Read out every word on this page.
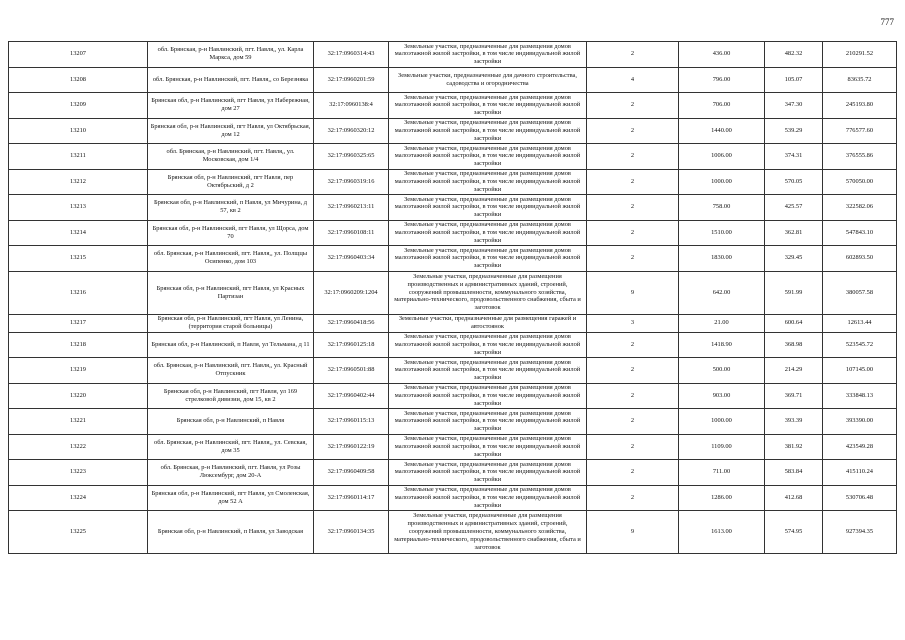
777
13207	обл. Брянская, р-н Навлинский, пгт. Навля,, ул. Карла Маркса, дом 59	32:17:0960314:43	Земельные участки, предназначенные для размещения домов малоэтажной жилой застройки, в том числе индивидуальной жилой застройки	2	436.00	482.32	210291.52
13208	обл. Брянская, р-н Навлинский, пгт. Навля,, со Березняка	32:17:0960201:59	Земельные участки, предназначенные для дачного строительства, садоводства и огородничества	4	796.00	105.07	83635.72
13209	Брянская обл, р-н Навлинский, пгт Навля, ул Набережная, дом 27	32:17:0960138:4	Земельные участки, предназначенные для размещения домов малоэтажной жилой застройки, в том числе индивидуальной жилой застройки	2	706.00	347.30	245193.80
13210	Брянская обл, р-н Навлинский, пгт Навля, ул Октябрьская, дом 12	32:17:0960320:12	Земельные участки, предназначенные для размещения домов малоэтажной жилой застройки, в том числе индивидуальной жилой застройки	2	1440.00	539.29	776577.60
13211	обл. Брянская, р-н Навлинский, пгт. Навля,, ул. Московская, дом 1/4	32:17:0960325:65	Земельные участки, предназначенные для размещения домов малоэтажной жилой застройки, в том числе индивидуальной жилой застройки	2	1006.00	374.31	376555.86
13212	Брянская обл, р-н Навлинский, пгт Навля, пер Октябрьский, д 2	32:17:0960319:16	Земельные участки, предназначенные для размещения домов малоэтажной жилой застройки, в том числе индивидуальной жилой застройки	2	1000.00	570.05	570050.00
13213	Брянская обл, р-н Навлинский, п Навля, ул Мичурина, д 57, кв 2	32:17:0960213:11	Земельные участки, предназначенные для размещения домов малоэтажной жилой застройки, в том числе индивидуальной жилой застройки	2	758.00	425.57	322582.06
13214	Брянская обл, р-н Навлинский, пгт Навля, ул Щорса, дом 70	32:17:0960108:11	Земельные участки, предназначенные для размещения домов малоэтажной жилой застройки, в том числе индивидуальной жилой застройки	2	1510.00	362.81	547843.10
13215	обл. Брянская, р-н Навлинский, пгт. Навля,, ул. Полщцы Осипенко, дом 103	32:17:0960403:34	Земельные участки, предназначенные для размещения домов малоэтажной жилой застройки, в том числе индивидуальной жилой застройки	2	1830.00	329.45	602893.50
13216	Брянская обл, р-н Навлинский, пгт Навля, ул Красных Партизан	32:17:0960209:1204	Земельные участки, предназначенные для размещения производственных и административных зданий, строений, сооружений промышленности, коммунального хозяйства, материально-технического, продовольственного снабжения, сбыта и заготовок	9	642.00	591.99	380057.58
13217	Брянская обл, р-н Навлинский, пгт Навля, ул Ленина, (территория старой больницы)	32:17:0960418:56	Земельные участки, предназначенные для размещения гаражей и автостоянок	3	21.00	600.64	12613.44
13218	Брянская обл, р-н Навлинский, п Навля, ул Тельмана, д 11	32:17:0960125:18	Земельные участки, предназначенные для размещения домов малоэтажной жилой застройки, в том числе индивидуальной жилой застройки	2	1418.90	368.98	523545.72
13219	обл. Брянская, р-н Навлинский, пгт. Навля,, ул. Красный Отпускник	32:17:0960501:88	Земельные участки, предназначенные для размещения домов малоэтажной жилой застройки, в том числе индивидуальной жилой застройки	2	500.00	214.29	107145.00
13220	Брянская обл, р-н Навлинский, пгт Навля, ул 169 стрелковой дивизии, дом 15, кв 2	32:17:0960402:44	Земельные участки, предназначенные для размещения домов малоэтажной жилой застройки, в том числе индивидуальной жилой застройки	2	903.00	369.71	333848.13
13221	Брянская обл, р-н Навлинский, п Навля	32:17:0960115:13	Земельные участки, предназначенные для размещения домов малоэтажной жилой застройки, в том числе индивидуальной жилой застройки	2	1000.00	393.39	393390.00
13222	обл. Брянская, р-н Навлинский, пгт. Навля,, ул. Севская, дом 35	32:17:0960122:19	Земельные участки, предназначенные для размещения домов малоэтажной жилой застройки, в том числе индивидуальной жилой застройки	2	1109.00	381.92	423549.28
13223	обл. Брянская, р-н Навлинский, пгт. Навля, ул Розы Люксембург, дом 20-А	32:17:0960409:58	Земельные участки, предназначенные для размещения домов малоэтажной жилой застройки, в том числе индивидуальной жилой застройки	2	711.00	583.84	415110.24
13224	Брянская обл, р-н Навлинский, пгт Навля, ул Смоленская, дом 52 А	32:17:0960114:17	Земельные участки, предназначенные для размещения домов малоэтажной жилой застройки, в том числе индивидуальной жилой застройки	2	1286.00	412.68	530706.48
13225	Брянская обл, р-н Навлинский, п Навля, ул Заводская	32:17:0960134:35	Земельные участки, предназначенные для размещения производственных и административных зданий, строений, сооружений промышленности, коммунального хозяйства, материально-технического, продовольственного снабжения, сбыта и заготовок	9	1613.00	574.95	927394.35
